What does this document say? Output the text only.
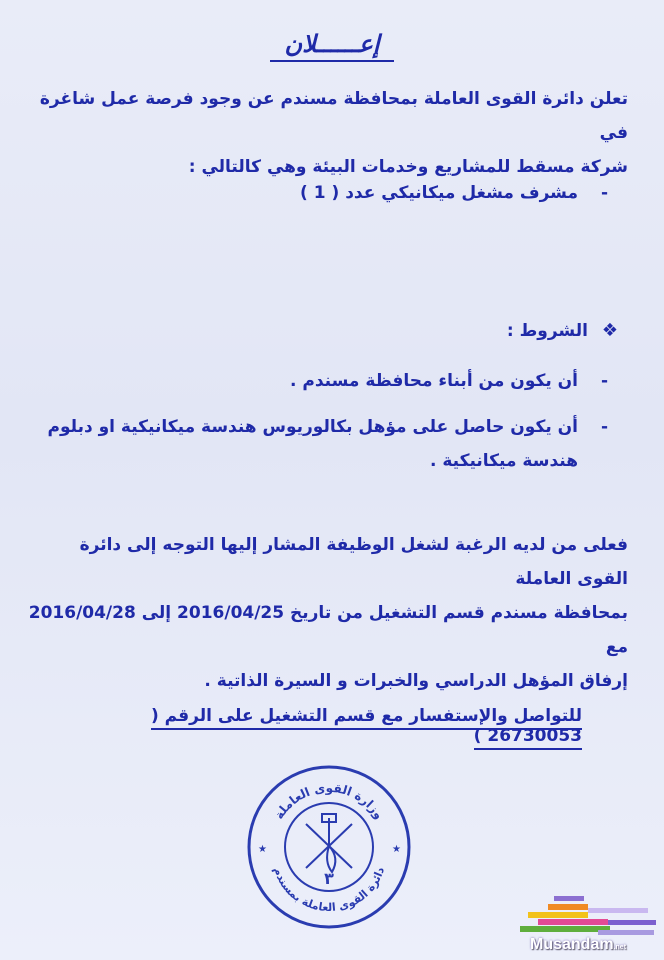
إعــــــلان
تعلن دائرة القوى العاملة بمحافظة مسندم عن وجود فرصة عمل شاغرة في
شركة مسقط للمشاريع وخدمات البيئة وهي كالتالي :
-
مشرف مشغل ميكانيكي عدد ( 1 )
❖ الشروط :
-
أن يكون من أبناء محافظة مسندم .
-
أن يكون حاصل على مؤهل بكالوريوس هندسة ميكانيكية او دبلوم
هندسة ميكانيكية .
فعلى من لديه الرغبة لشغل الوظيفة المشار إليها التوجه إلى دائرة القوى العاملة
بمحافظة مسندم قسم التشغيل من تاريخ 2016/04/25 إلى 2016/04/28 مع
إرفاق المؤهل الدراسي والخبرات و السيرة الذاتية .
للتواصل والإستفسار مع قسم التشغيل على الرقم ( 26730053 )
وزارة القوى العاملة
دائرة القوى العاملة بمسندم
٣
★	★
Musandam.net
